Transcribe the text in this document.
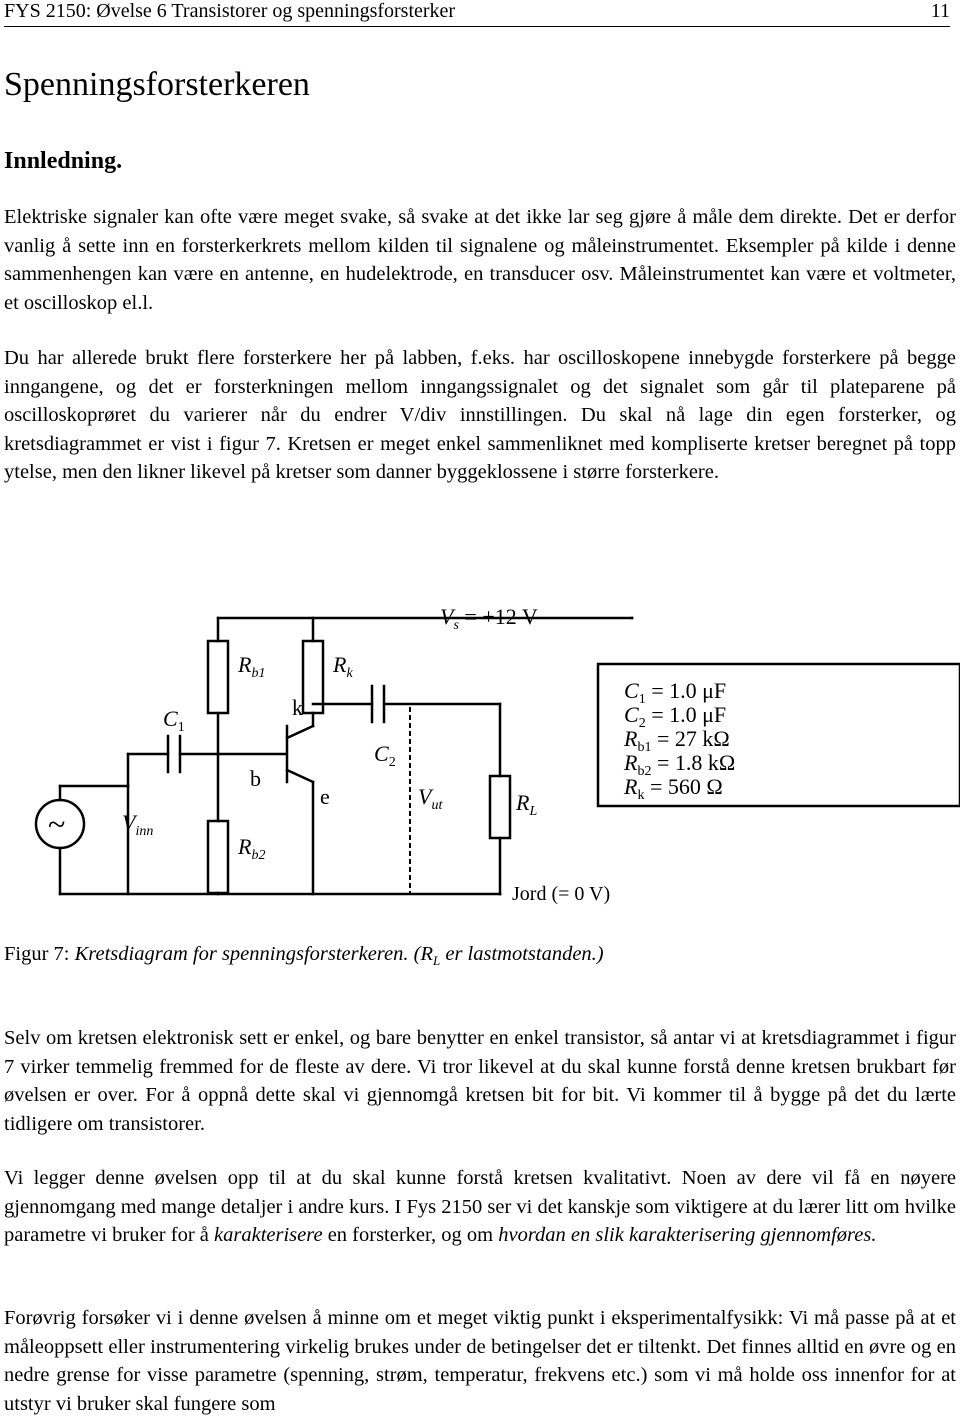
FYS 2150: Øvelse 6 Transistorer og spenningsforsterker	11
Spenningsforsterkeren
Innledning.

Elektriske signaler kan ofte være meget svake, så svake at det ikke lar seg gjøre å måle dem direkte. Det er derfor vanlig å sette inn en forsterkerkrets mellom kilden til signalene og måleinstrumentet. Eksempler på kilde i denne sammenhengen kan være en antenne, en hudelektrode, en transducer osv. Måleinstrumentet kan være et voltmeter, et oscilloskop el.l.

Du har allerede brukt flere forsterkere her på labben, f.eks. har oscilloskopene innebygde forsterkere på begge inngangene, og det er forsterkningen mellom inngangssignalet og det signalet som går til plateparene på oscilloskoprøret du varierer når du endrer V/div innstillingen. Du skal nå lage din egen forsterker, og kretsdiagrammet er vist i figur 7. Kretsen er meget enkel sammenliknet med kompliserte kretser beregnet på topp ytelse, men den likner likevel på kretser som danner byggeklossene i større forsterkere.

$V_s = +12$ V
$R_{b1}$	$R_k$
$C_1$
$C_2$
k
b
e
$V_{inn}$
$R_{b2}$
$V_{ut}$	$R_L$
~
Jord (= 0 V)
$C_1 = 1.0$ μF
$C_2 = 1.0$ μF
$R_{b1} = 27$ kΩ
$R_{b2} = 1.8$ kΩ
$R_k = 560$ Ω
Figur 7: Kretsdiagram for spenningsforsterkeren. ($R_L$ er lastmotstanden.)

Selv om kretsen elektronisk sett er enkel, og bare benytter en enkel transistor, så antar vi at kretsdiagrammet i figur 7 virker temmelig fremmed for de fleste av dere. Vi tror likevel at du skal kunne forstå denne kretsen brukbart før øvelsen er over. For å oppnå dette skal vi gjennomgå kretsen bit for bit. Vi kommer til å bygge på det du lærte tidligere om transistorer.

Vi legger denne øvelsen opp til at du skal kunne forstå kretsen kvalitativt. Noen av dere vil få en nøyere gjennomgang med mange detaljer i andre kurs. I Fys 2150 ser vi det kanskje som viktigere at du lærer litt om hvilke parametre vi bruker for å karakterisere en forsterker, og om hvordan en slik karakterisering gjennomføres.

Forøvrig forsøker vi i denne øvelsen å minne om et meget viktig punkt i eksperimentalfysikk: Vi må passe på at et måleoppsett eller instrumentering virkelig brukes under de betingelser det er tiltenkt. Det finnes alltid en øvre og en nedre grense for visse parametre (spenning, strøm, temperatur, frekvens etc.) som vi må holde oss innenfor for at utstyr vi bruker skal fungere som
